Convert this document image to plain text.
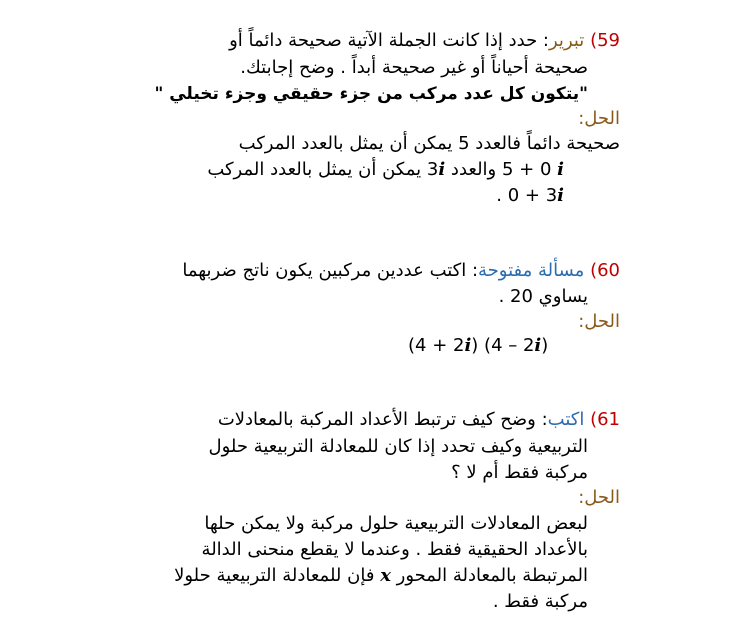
59) تبرير: حدد إذا كانت الجملة الآتية صحيحة دائماً أو
صحيحة أحياناً أو غير صحيحة أبداً . وضح إجابتك.
"يتكون كل عدد مركب من جزء حقيقي وجزء تخيلي "
الحل:
صحيحة دائماً فالعدد 5 يمكن أن يمثل بالعدد المركب
5 + 0 i والعدد 3i يمكن أن يمثل بالعدد المركب
0 + 3i .
60) مسألة مفتوحة: اكتب عددين مركبين يكون ناتج ضربهما
يساوي 20 .
الحل:
(4 + 2i) (4 – 2i)
61) اكتب: وضح كيف ترتبط الأعداد المركبة بالمعادلات
التربيعية وكيف تحدد إذا كان للمعادلة التربيعية حلول
مركبة فقط أم لا ؟
الحل:
لبعض المعادلات التربيعية حلول مركبة ولا يمكن حلها
بالأعداد الحقيقية فقط . وعندما لا يقطع منحنى الدالة
المرتبطة بالمعادلة المحور x فإن للمعادلة التربيعية حلولا
مركبة فقط .
